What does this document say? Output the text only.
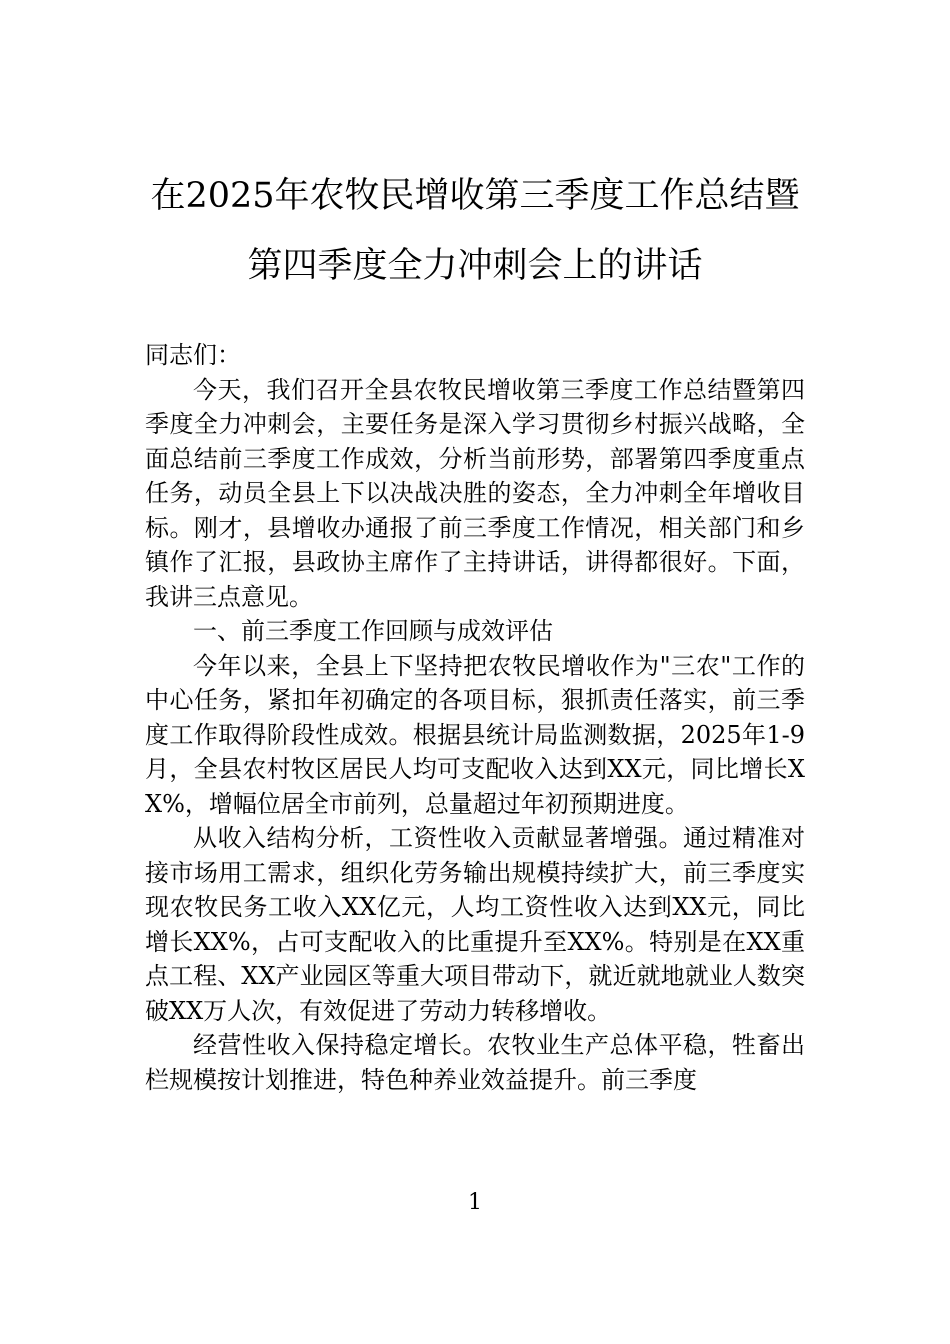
在2025年农牧民增收第三季度工作总结暨
第四季度全力冲刺会上的讲话

同志们：

今天，我们召开全县农牧民增收第三季度工作总结暨第四季度全力冲刺会，主要任务是深入学习贯彻乡村振兴战略，全面总结前三季度工作成效，分析当前形势，部署第四季度重点任务，动员全县上下以决战决胜的姿态，全力冲刺全年增收目标。刚才，县增收办通报了前三季度工作情况，相关部门和乡镇作了汇报，县政协主席作了主持讲话，讲得都很好。下面，我讲三点意见。

一、前三季度工作回顾与成效评估

今年以来，全县上下坚持把农牧民增收作为"三农"工作的中心任务，紧扣年初确定的各项目标，狠抓责任落实，前三季度工作取得阶段性成效。根据县统计局监测数据，2025年1-9月，全县农村牧区居民人均可支配收入达到XX元，同比增长XX%，增幅位居全市前列，总量超过年初预期进度。

从收入结构分析，工资性收入贡献显著增强。通过精准对接市场用工需求，组织化劳务输出规模持续扩大，前三季度实现农牧民务工收入XX亿元，人均工资性收入达到XX元，同比增长XX%，占可支配收入的比重提升至XX%。特别是在XX重点工程、XX产业园区等重大项目带动下，就近就地就业人数突破XX万人次，有效促进了劳动力转移增收。

经营性收入保持稳定增长。农牧业生产总体平稳，牲畜出栏规模按计划推进，特色种养业效益提升。前三季度

1
